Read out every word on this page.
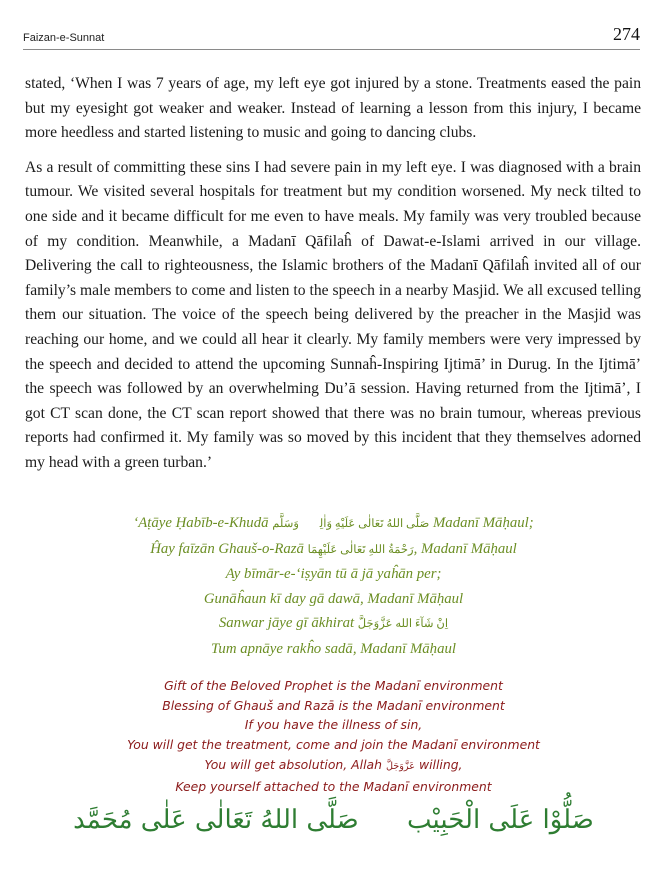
Faizan-e-Sunnat	274

stated, ‘When I was 7 years of age, my left eye got injured by a stone. Treatments eased the pain but my eyesight got weaker and weaker. Instead of learning a lesson from this injury, I became more heedless and started listening to music and going to dancing clubs.

As a result of committing these sins I had severe pain in my left eye. I was diagnosed with a brain tumour. We visited several hospitals for treatment but my condition worsened. My neck tilted to one side and it became difficult for me even to have meals. My family was very troubled because of my condition. Meanwhile, a Madanī Qāfilaĥ of Dawat-e-Islami arrived in our village. Delivering the call to righteousness, the Islamic brothers of the Madanī Qāfilaĥ invited all of our family’s male members to come and listen to the speech in a nearby Masjid. We all excused telling them our situation. The voice of the speech being delivered by the preacher in the Masjid was reaching our home, and we could all hear it clearly. My family members were very impressed by the speech and decided to attend the upcoming Sunnaĥ-Inspiring Ijtimā’ in Durug. In the Ijtimā’ the speech was followed by an overwhelming Du’ā session. Having returned from the Ijtimā’, I got CT scan done, the CT scan report showed that there was no brain tumour, whereas previous reports had confirmed it. My family was so moved by this incident that they themselves adorned my head with a green turban.’

‘Aṭāye Ḥabīb-e-Khudā صَلَّى اللهُ تَعَالٰى عَلَيْهِ وَاٰلِهٖ وَسَلَّم Madanī Māḥaul;
Ĥay faīzān Ghauš-o-Razā رَحْمَةُ اللهِ تَعَالٰى عَلَيْهِمَا, Madanī Māḥaul
Ay bīmār-e-‘iṣyān tū ā jā yaĥān per;
Gunāĥaun kī day gā dawā, Madanī Māḥaul
Sanwar jāye gī ākhirat اِنْ شَآءَ الله عَزَّوَجَلَّ
Tum apnāye rakĥo sadā, Madanī Māḥaul
Gift of the Beloved Prophet is the Madanī environment
Blessing of Ghauš and Razā is the Madanī environment
If you have the illness of sin,
You will get the treatment, come and join the Madanī environment
You will get absolution, Allah عَزَّوَجَلَّ willing,
Keep yourself attached to the Madanī environment
صَلُّوْا عَلَى الْحَبِيْب صَلَّى اللهُ تَعَالٰى عَلٰى مُحَمَّد
